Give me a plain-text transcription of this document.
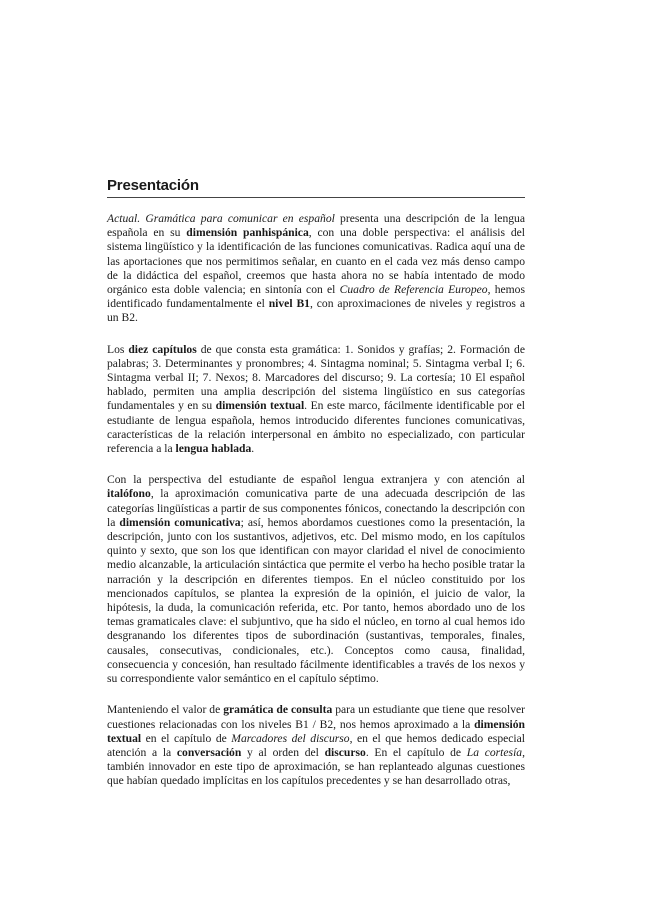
Presentación

Actual. Gramática para comunicar en español presenta una descripción de la lengua española en su dimensión panhispánica, con una doble perspectiva: el análisis del sistema lingüístico y la identificación de las funciones comunicativas. Radica aquí una de las aportaciones que nos permitimos señalar, en cuanto en el cada vez más denso campo de la didáctica del español, creemos que hasta ahora no se había intentado de modo orgánico esta doble valencia; en sintonía con el Cuadro de Referencia Europeo, hemos identificado fundamentalmente el nivel B1, con aproximaciones de niveles y registros a un B2.

Los diez capítulos de que consta esta gramática: 1. Sonidos y grafías; 2. Formación de palabras; 3. Determinantes y pronombres; 4. Sintagma nominal; 5. Sintagma verbal I; 6. Sintagma verbal II; 7. Nexos; 8. Marcadores del discurso; 9. La cortesía; 10 El español hablado, permiten una amplia descripción del sistema lingüístico en sus categorías fundamentales y en su dimensión textual. En este marco, fácilmente identificable por el estudiante de lengua española, hemos introducido diferentes funciones comunicativas, características de la relación interpersonal en ámbito no especializado, con particular referencia a la lengua hablada.

Con la perspectiva del estudiante de español lengua extranjera y con atención al italófono, la aproximación comunicativa parte de una adecuada descripción de las categorías lingüísticas a partir de sus componentes fónicos, conectando la descripción con la dimensión comunicativa; así, hemos abordamos cuestiones como la presentación, la descripción, junto con los sustantivos, adjetivos, etc. Del mismo modo, en los capítulos quinto y sexto, que son los que identifican con mayor claridad el nivel de conocimiento medio alcanzable, la articulación sintáctica que permite el verbo ha hecho posible tratar la narración y la descripción en diferentes tiempos. En el núcleo constituido por los mencionados capítulos, se plantea la expresión de la opinión, el juicio de valor, la hipótesis, la duda, la comunicación referida, etc. Por tanto, hemos abordado uno de los temas gramaticales clave: el subjuntivo, que ha sido el núcleo, en torno al cual hemos ido desgranando los diferentes tipos de subordinación (sustantivas, temporales, finales, causales, consecutivas, condicionales, etc.). Conceptos como causa, finalidad, consecuencia y concesión, han resultado fácilmente identificables a través de los nexos y su correspondiente valor semántico en el capítulo séptimo.

Manteniendo el valor de gramática de consulta para un estudiante que tiene que resolver cuestiones relacionadas con los niveles B1 / B2, nos hemos aproximado a la dimensión textual en el capítulo de Marcadores del discurso, en el que hemos dedicado especial atención a la conversación y al orden del discurso. En el capítulo de La cortesía, también innovador en este tipo de aproximación, se han replanteado algunas cuestiones que habían quedado implícitas en los capítulos precedentes y se han desarrollado otras,
